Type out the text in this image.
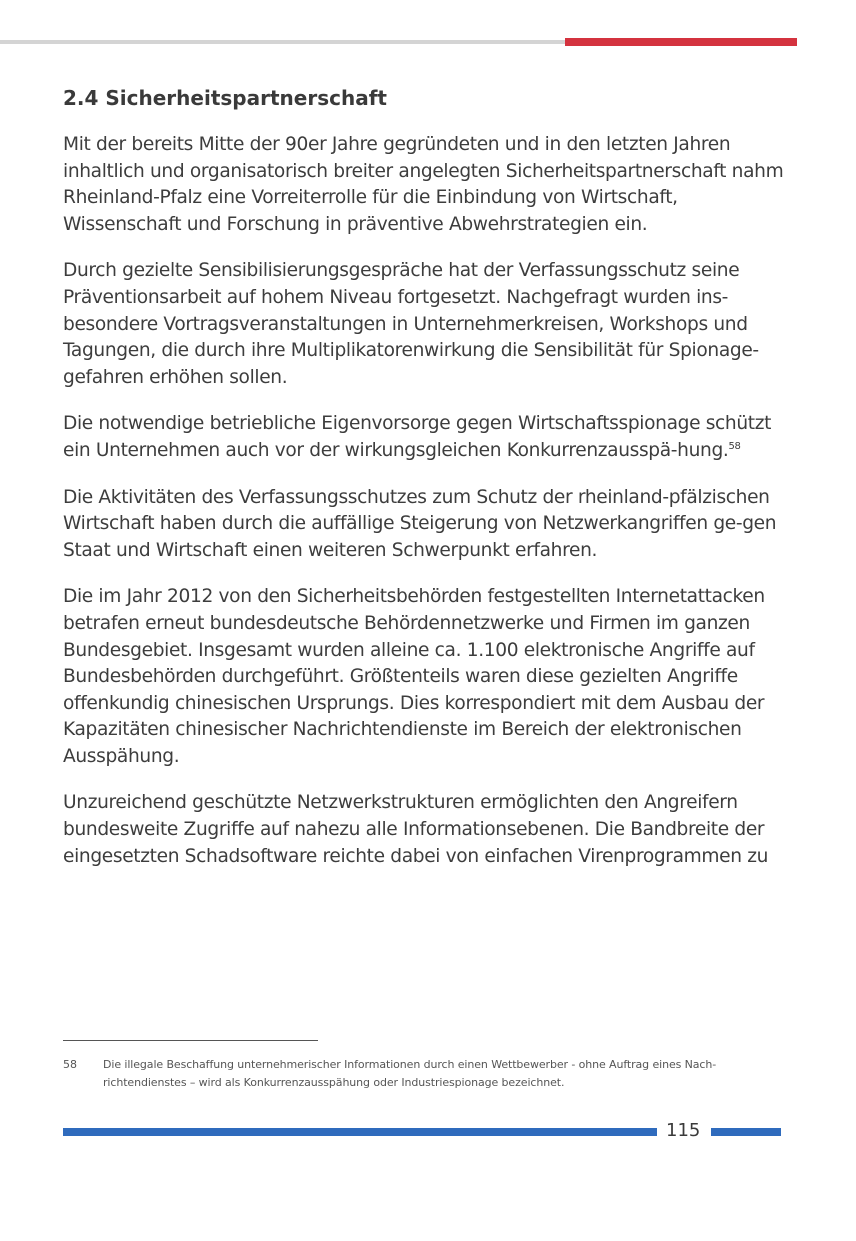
2.4 Sicherheitspartnerschaft

Mit der bereits Mitte der 90er Jahre gegründeten und in den letzten Jahren inhaltlich und organisatorisch breiter angelegten Sicherheitspartnerschaft nahm Rheinland-Pfalz eine Vorreiterrolle für die Einbindung von Wirtschaft, Wissenschaft und Forschung in präventive Abwehrstrategien ein.

Durch gezielte Sensibilisierungsgespräche hat der Verfassungsschutz seine Präventionsarbeit auf hohem Niveau fortgesetzt. Nachgefragt wurden ins-besondere Vortragsveranstaltungen in Unternehmerkreisen, Workshops und Tagungen, die durch ihre Multiplikatorenwirkung die Sensibilität für Spionage-gefahren erhöhen sollen.

Die notwendige betriebliche Eigenvorsorge gegen Wirtschaftsspionage schützt ein Unternehmen auch vor der wirkungsgleichen Konkurrenzausspä-hung.$^{58}$

Die Aktivitäten des Verfassungsschutzes zum Schutz der rheinland-pfälzischen Wirtschaft haben durch die auffällige Steigerung von Netzwerkangriffen ge-gen Staat und Wirtschaft einen weiteren Schwerpunkt erfahren.

Die im Jahr 2012 von den Sicherheitsbehörden festgestellten Internetattacken betrafen erneut bundesdeutsche Behördennetzwerke und Firmen im ganzen Bundesgebiet. Insgesamt wurden alleine ca. 1.100 elektronische Angriffe auf Bundesbehörden durchgeführt. Größtenteils waren diese gezielten Angriffe offenkundig chinesischen Ursprungs. Dies korrespondiert mit dem Ausbau der Kapazitäten chinesischer Nachrichtendienste im Bereich der elektronischen Ausspähung.

Unzureichend geschützte Netzwerkstrukturen ermöglichten den Angreifern bundesweite Zugriffe auf nahezu alle Informationsebenen. Die Bandbreite der eingesetzten Schadsoftware reichte dabei von einfachen Virenprogrammen zu

58 Die illegale Beschaffung unternehmerischer Informationen durch einen Wettbewerber - ohne Auftrag eines Nach-richtendienstes – wird als Konkurrenzausspähung oder Industriespionage bezeichnet.
115
